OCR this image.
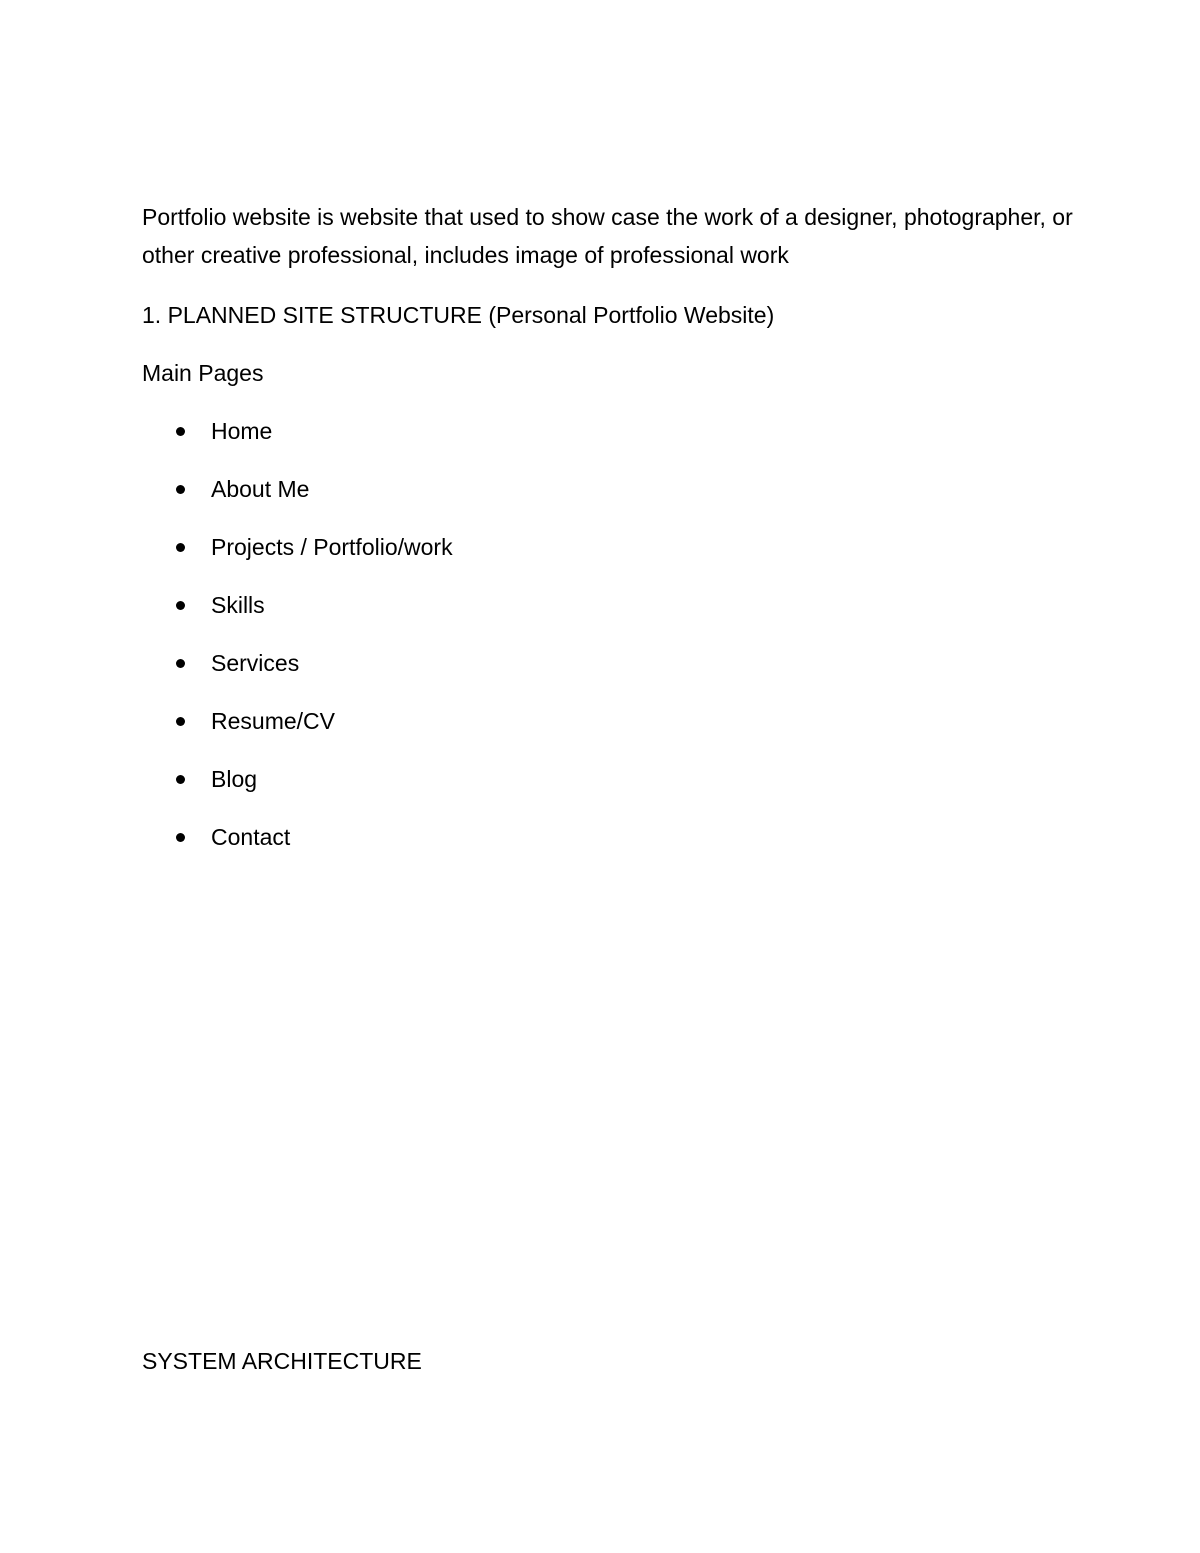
Portfolio website is website that used to show case the work of a designer, photographer, or other creative professional, includes image of professional work
1. PLANNED SITE STRUCTURE (Personal Portfolio Website)
Main Pages
Home
About Me
Projects / Portfolio/work
Skills
Services
Resume/CV
Blog
Contact
SYSTEM ARCHITECTURE
